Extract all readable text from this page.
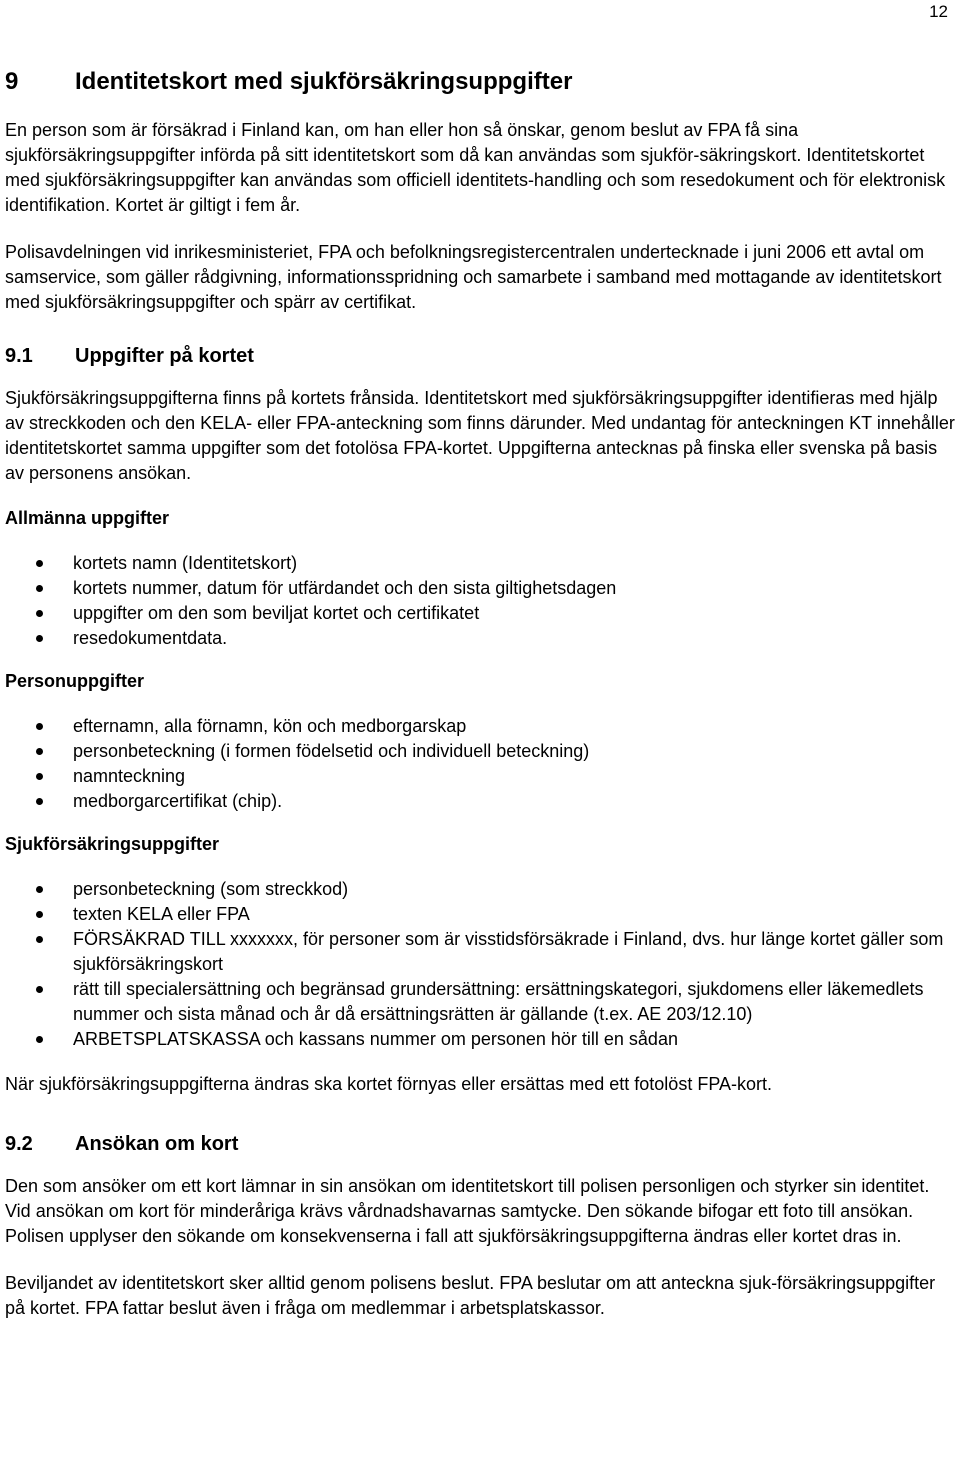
12
9	Identitetskort med sjukförsäkringsuppgifter

En person som är försäkrad i Finland kan, om han eller hon så önskar, genom beslut av FPA få sina sjukförsäkringsuppgifter införda på sitt identitetskort som då kan användas som sjukför-säkringskort. Identitetskortet med sjukförsäkringsuppgifter kan användas som officiell identitets-handling och som resedokument och för elektronisk identifikation. Kortet är giltigt i fem år.

Polisavdelningen vid inrikesministeriet, FPA och befolkningsregistercentralen undertecknade i juni 2006 ett avtal om samservice, som gäller rådgivning, informationsspridning och samarbete i samband med mottagande av identitetskort med sjukförsäkringsuppgifter och spärr av certifikat.

9.1	Uppgifter på kortet

Sjukförsäkringsuppgifterna finns på kortets frånsida. Identitetskort med sjukförsäkringsuppgifter identifieras med hjälp av streckkoden och den KELA- eller FPA-anteckning som finns därunder. Med undantag för anteckningen KT innehåller identitetskortet samma uppgifter som det fotolösa FPA-kortet. Uppgifterna antecknas på finska eller svenska på basis av personens ansökan.

Allmänna uppgifter
kortets namn (Identitetskort)
kortets nummer, datum för utfärdandet och den sista giltighetsdagen
uppgifter om den som beviljat kortet och certifikatet
resedokumentdata.
Personuppgifter
efternamn, alla förnamn, kön och medborgarskap
personbeteckning (i formen födelsetid och individuell beteckning)
namnteckning
medborgarcertifikat (chip).
Sjukförsäkringsuppgifter
personbeteckning (som streckkod)
texten KELA eller FPA
FÖRSÄKRAD TILL xxxxxxx, för personer som är visstidsförsäkrade i Finland, dvs. hur länge kortet gäller som sjukförsäkringskort
rätt till specialersättning och begränsad grundersättning: ersättningskategori, sjukdomens eller läkemedlets nummer och sista månad och år då ersättningsrätten är gällande (t.ex. AE 203/12.10)
ARBETSPLATSKASSA och kassans nummer om personen hör till en sådan

När sjukförsäkringsuppgifterna ändras ska kortet förnyas eller ersättas med ett fotolöst FPA-kort.

9.2	Ansökan om kort

Den som ansöker om ett kort lämnar in sin ansökan om identitetskort till polisen personligen och styrker sin identitet. Vid ansökan om kort för minderåriga krävs vårdnadshavarnas samtycke. Den sökande bifogar ett foto till ansökan. Polisen upplyser den sökande om konsekvenserna i fall att sjukförsäkringsuppgifterna ändras eller kortet dras in.

Beviljandet av identitetskort sker alltid genom polisens beslut. FPA beslutar om att anteckna sjuk-försäkringsuppgifter på kortet. FPA fattar beslut även i fråga om medlemmar i arbetsplatskassor.
